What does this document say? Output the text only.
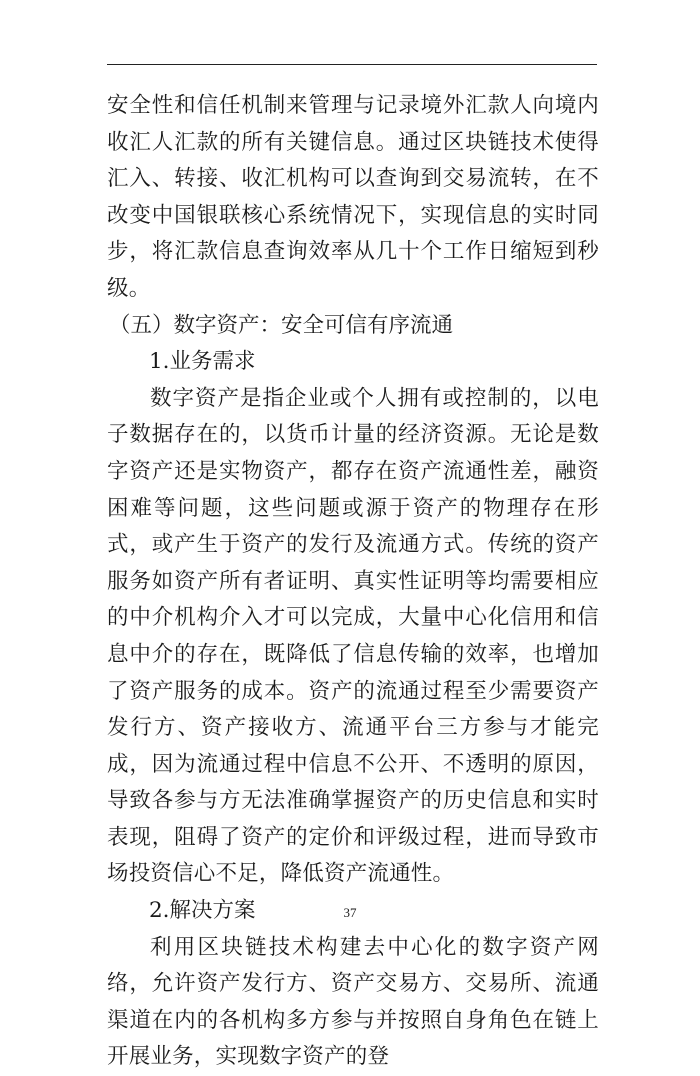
安全性和信任机制来管理与记录境外汇款人向境内收汇人汇款的所有关键信息。通过区块链技术使得汇入、转接、收汇机构可以查询到交易流转，在不改变中国银联核心系统情况下，实现信息的实时同步，将汇款信息查询效率从几十个工作日缩短到秒级。

（五）数字资产：安全可信有序流通

1.业务需求

数字资产是指企业或个人拥有或控制的，以电子数据存在的，以货币计量的经济资源。无论是数字资产还是实物资产，都存在资产流通性差，融资困难等问题，这些问题或源于资产的物理存在形式，或产生于资产的发行及流通方式。传统的资产服务如资产所有者证明、真实性证明等均需要相应的中介机构介入才可以完成，大量中心化信用和信息中介的存在，既降低了信息传输的效率，也增加了资产服务的成本。资产的流通过程至少需要资产发行方、资产接收方、流通平台三方参与才能完成，因为流通过程中信息不公开、不透明的原因，导致各参与方无法准确掌握资产的历史信息和实时表现，阻碍了资产的定价和评级过程，进而导致市场投资信心不足，降低资产流通性。

2.解决方案

利用区块链技术构建去中心化的数字资产网络，允许资产发行方、资产交易方、交易所、流通渠道在内的各机构多方参与并按照自身角色在链上开展业务，实现数字资产的登

37
